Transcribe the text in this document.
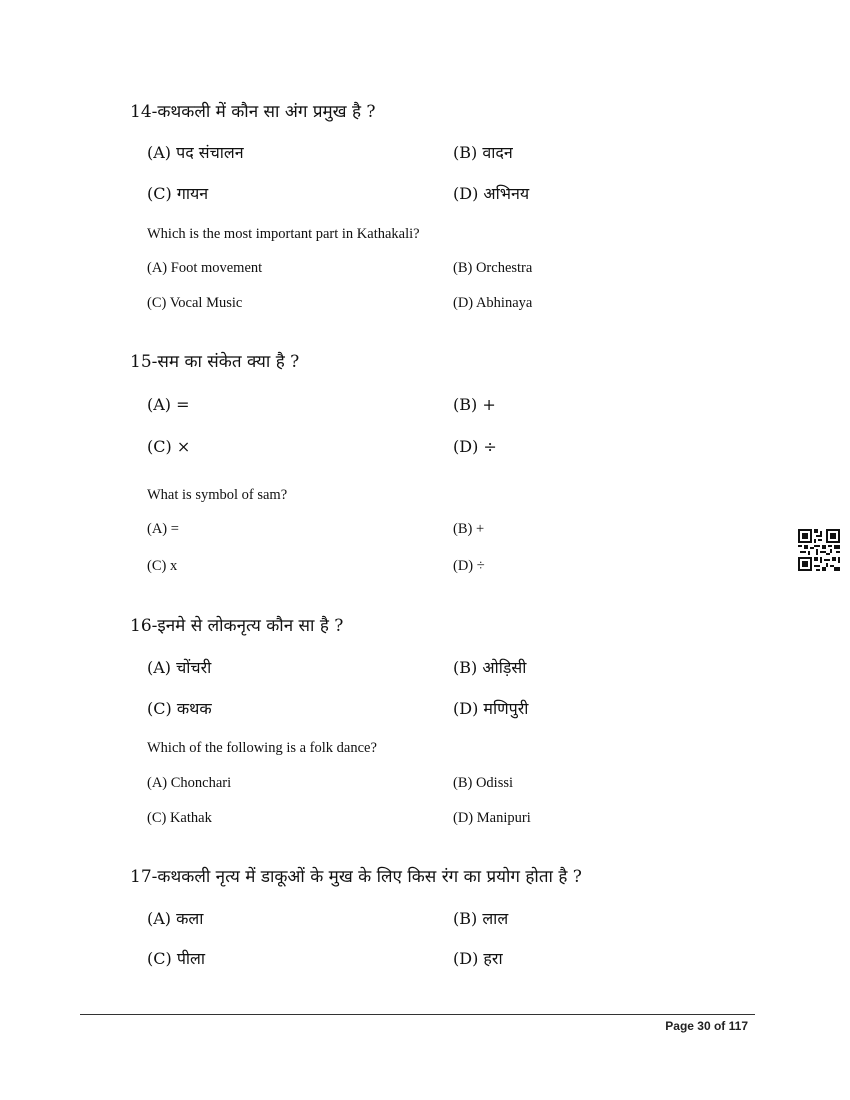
14-कथकली में कौन सा अंग प्रमुख है ?
(A) पद संचालन	(B) वादन
(C) गायन	(D) अभिनय
Which is the most important part in Kathakali?
(A) Foot movement	(B) Orchestra
(C) Vocal Music	(D) Abhinaya
15-सम का संकेत क्या है ?
(A) =	(B) +
(C) ×	(D) ÷
What is symbol of sam?
(A) =	(B) +
(C) x	(D) ÷
16-इनमे से लोकनृत्य कौन सा है ?
(A) चोंचरी	(B) ओड़िसी
(C) कथक	(D) मणिपुरी
Which of the following is a folk dance?
(A) Chonchari	(B) Odissi
(C) Kathak	(D) Manipuri
17-कथकली नृत्य में डाकूओं के मुख के लिए किस रंग का प्रयोग होता है ?
(A) कला	(B) लाल
(C) पीला	(D) हरा
Page 30 of 117
